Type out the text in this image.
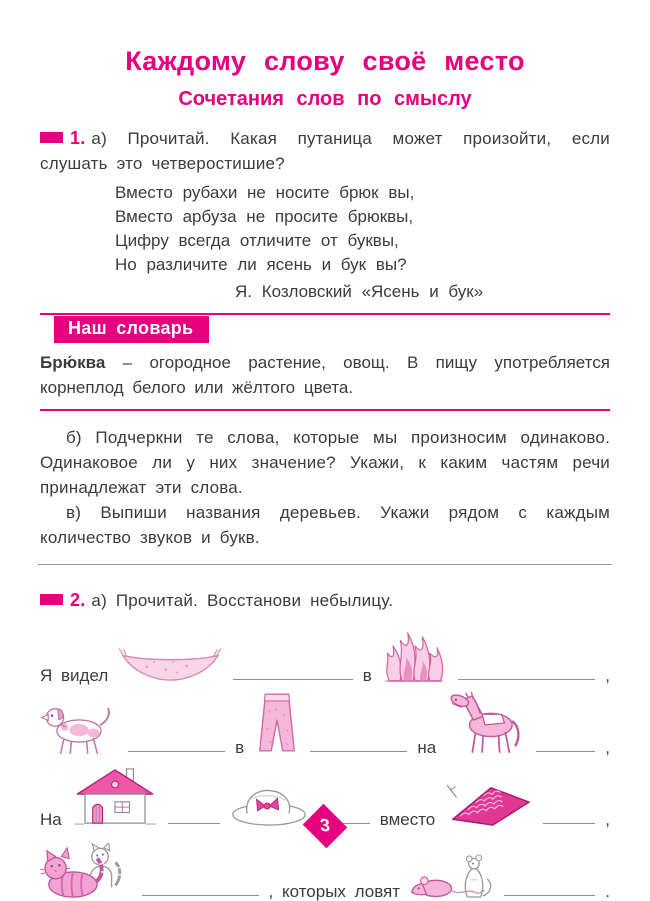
Каждому слову своё место
Сочетания слов по смыслу

1. а) Прочитай. Какая путаница может произойти, если слушать это четверостишие?

Вместо рубахи не носите брюк вы,
Вместо арбуза не просите брюквы,
Цифру всегда отличите от буквы,
Но различите ли ясень и бук вы?
Я. Козловский «Ясень и бук»
Наш словарь

Брю́ква – огородное растение, овощ. В пищу употребляется корнеплод белого или жёлтого цвета.

б) Подчеркни те слова, которые мы произносим одинаково. Одинаковое ли у них значение? Укажи, к каким частям речи принадлежат эти слова.

в) Выпиши названия деревьев. Укажи рядом с каждым количество звуков и букв.

2. а) Прочитай. Восстанови небылицу.

Я видел	в	,
в	на	,
На	вместо	,
, которых ловят	.
3
